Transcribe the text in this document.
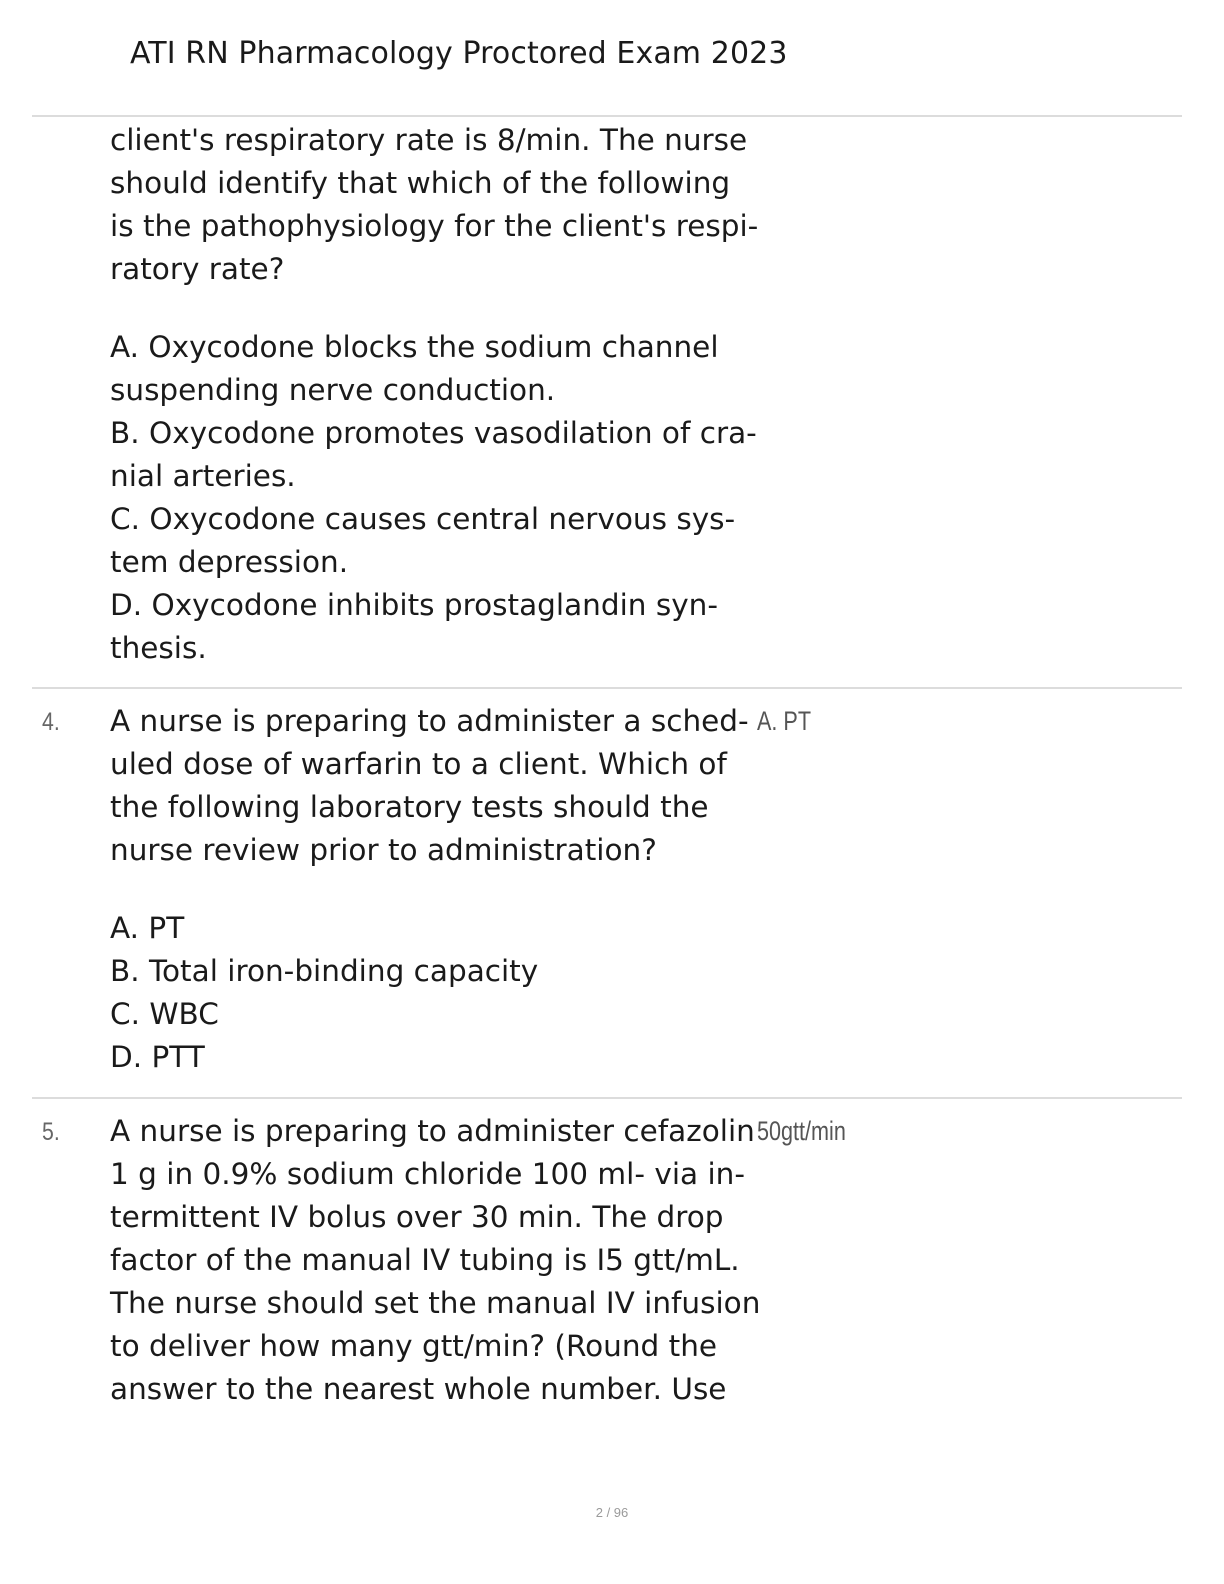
ATI RN Pharmacology Proctored Exam 2023
client's respiratory rate is 8/min. The nurse
should identify that which of the following
is the pathophysiology for the client's respi-
ratory rate?
A. Oxycodone blocks the sodium channel
suspending nerve conduction.
B. Oxycodone promotes vasodilation of cra-
nial arteries.
C. Oxycodone causes central nervous sys-
tem depression.
D. Oxycodone inhibits prostaglandin syn-
thesis.
4.	A. PT
A nurse is preparing to administer a sched-
uled dose of warfarin to a client. Which of
the following laboratory tests should the
nurse review prior to administration?
A. PT
B. Total iron-binding capacity
C. WBC
D. PTT
5.	50gtt/min
A nurse is preparing to administer cefazolin
1 g in 0.9% sodium chloride 100 ml- via in-
termittent IV bolus over 30 min. The drop
factor of the manual IV tubing is I5 gtt/mL.
The nurse should set the manual IV infusion
to deliver how many gtt/min? (Round the
answer to the nearest whole number. Use
2 / 96
